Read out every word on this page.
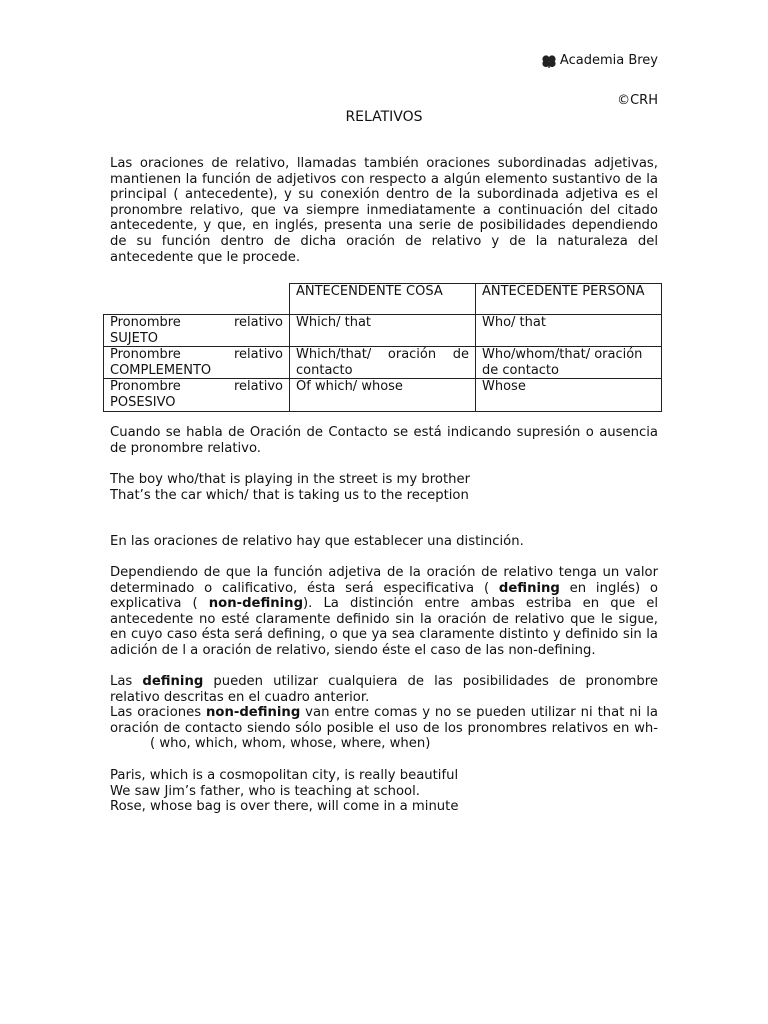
Academia Brey
©CRH
RELATIVOS
Las oraciones de relativo, llamadas también oraciones subordinadas adjetivas, mantienen la función de adjetivos con respecto a algún elemento sustantivo de la principal ( antecedente), y su conexión dentro de la subordinada adjetiva es el pronombre relativo, que va siempre inmediatamente a continuación del citado antecedente, y que, en inglés, presenta una serie de posibilidades dependiendo de su función dentro de dicha oración de relativo y de la naturaleza del antecedente que le procede.
	ANTECENDENTE COSA	ANTECEDENTE PERSONA
Pronombre relativo SUJETO	Which/ that	Who/ that
Pronombre relativo COMPLEMENTO	Which/that/ oración de contacto	Who/whom/that/ oración de contacto
Pronombre relativo POSESIVO	Of which/ whose	Whose
Cuando se habla de Oración de Contacto se está indicando supresión o ausencia de pronombre relativo.
The boy who/that is playing in the street is my brother
That’s the car which/ that is taking us to the reception
En las oraciones de relativo hay que establecer una distinción.
Dependiendo de que la función adjetiva de la oración de relativo tenga un valor determinado o calificativo, ésta será especificativa ( defining en inglés) o explicativa ( non-defining). La distinción entre ambas estriba en que el antecedente no esté claramente definido sin la oración de relativo que le sigue, en cuyo caso ésta será defining, o que ya sea claramente distinto y definido sin la adición de l a oración de relativo, siendo éste el caso de las non-defining.
Las defining pueden utilizar cualquiera de las posibilidades de pronombre relativo descritas en el cuadro anterior.
Las oraciones non-defining van entre comas y no se pueden utilizar ni that ni la oración de contacto siendo sólo posible el uso de los pronombres relativos en wh-( who, which, whom, whose, where, when)
Paris, which is a cosmopolitan city, is really beautiful
We saw Jim’s father, who is teaching at school.
Rose, whose bag is over there, will come in a minute
